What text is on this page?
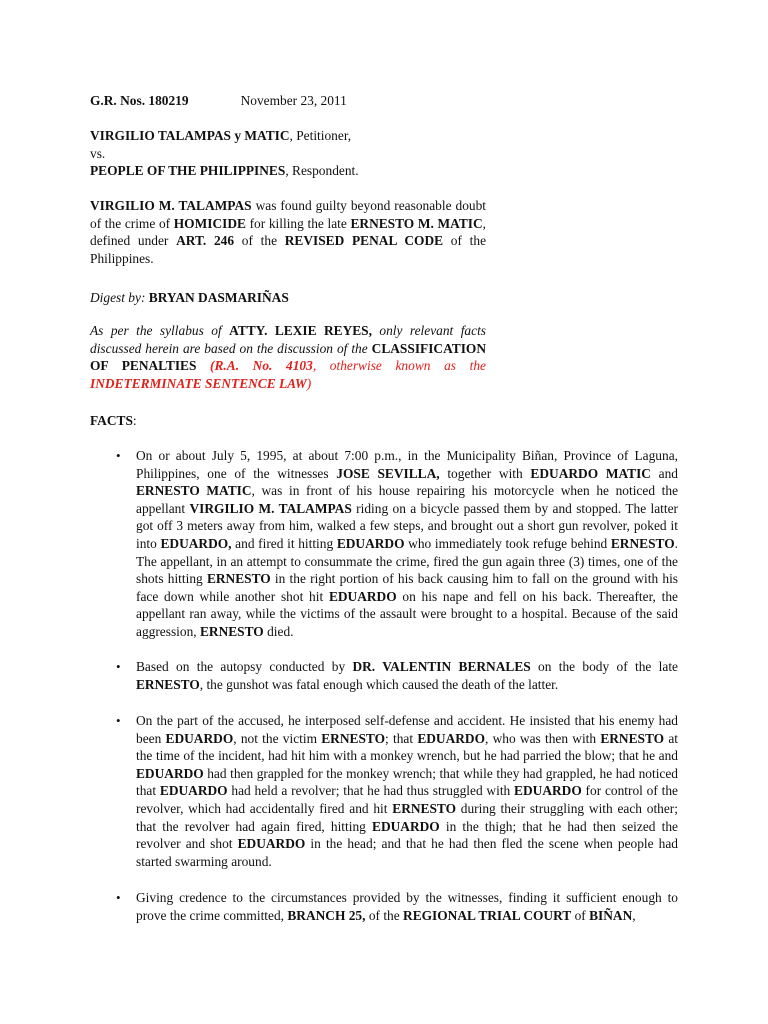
G.R. Nos. 180219	November 23, 2011
VIRGILIO TALAMPAS y MATIC, Petitioner,
vs.
PEOPLE OF THE PHILIPPINES, Respondent.
VIRGILIO M. TALAMPAS was found guilty beyond reasonable doubt of the crime of HOMICIDE for killing the late ERNESTO M. MATIC, defined under ART. 246 of the REVISED PENAL CODE of the Philippines.
Digest by: BRYAN DASMARIÑAS
As per the syllabus of ATTY. LEXIE REYES, only relevant facts discussed herein are based on the discussion of the CLASSIFICATION OF PENALTIES (R.A. No. 4103, otherwise known as the INDETERMINATE SENTENCE LAW)
FACTS:
• On or about July 5, 1995, at about 7:00 p.m., in the Municipality Biñan, Province of Laguna, Philippines, one of the witnesses JOSE SEVILLA, together with EDUARDO MATIC and ERNESTO MATIC, was in front of his house repairing his motorcycle when he noticed the appellant VIRGILIO M. TALAMPAS riding on a bicycle passed them by and stopped. The latter got off 3 meters away from him, walked a few steps, and brought out a short gun revolver, poked it into EDUARDO, and fired it hitting EDUARDO who immediately took refuge behind ERNESTO. The appellant, in an attempt to consummate the crime, fired the gun again three (3) times, one of the shots hitting ERNESTO in the right portion of his back causing him to fall on the ground with his face down while another shot hit EDUARDO on his nape and fell on his back. Thereafter, the appellant ran away, while the victims of the assault were brought to a hospital. Because of the said aggression, ERNESTO died.
• Based on the autopsy conducted by DR. VALENTIN BERNALES on the body of the late ERNESTO, the gunshot was fatal enough which caused the death of the latter.
• On the part of the accused, he interposed self-defense and accident. He insisted that his enemy had been EDUARDO, not the victim ERNESTO; that EDUARDO, who was then with ERNESTO at the time of the incident, had hit him with a monkey wrench, but he had parried the blow; that he and EDUARDO had then grappled for the monkey wrench; that while they had grappled, he had noticed that EDUARDO had held a revolver; that he had thus struggled with EDUARDO for control of the revolver, which had accidentally fired and hit ERNESTO during their struggling with each other; that the revolver had again fired, hitting EDUARDO in the thigh; that he had then seized the revolver and shot EDUARDO in the head; and that he had then fled the scene when people had started swarming around.
• Giving credence to the circumstances provided by the witnesses, finding it sufficient enough to prove the crime committed, BRANCH 25, of the REGIONAL TRIAL COURT of BIÑAN,
